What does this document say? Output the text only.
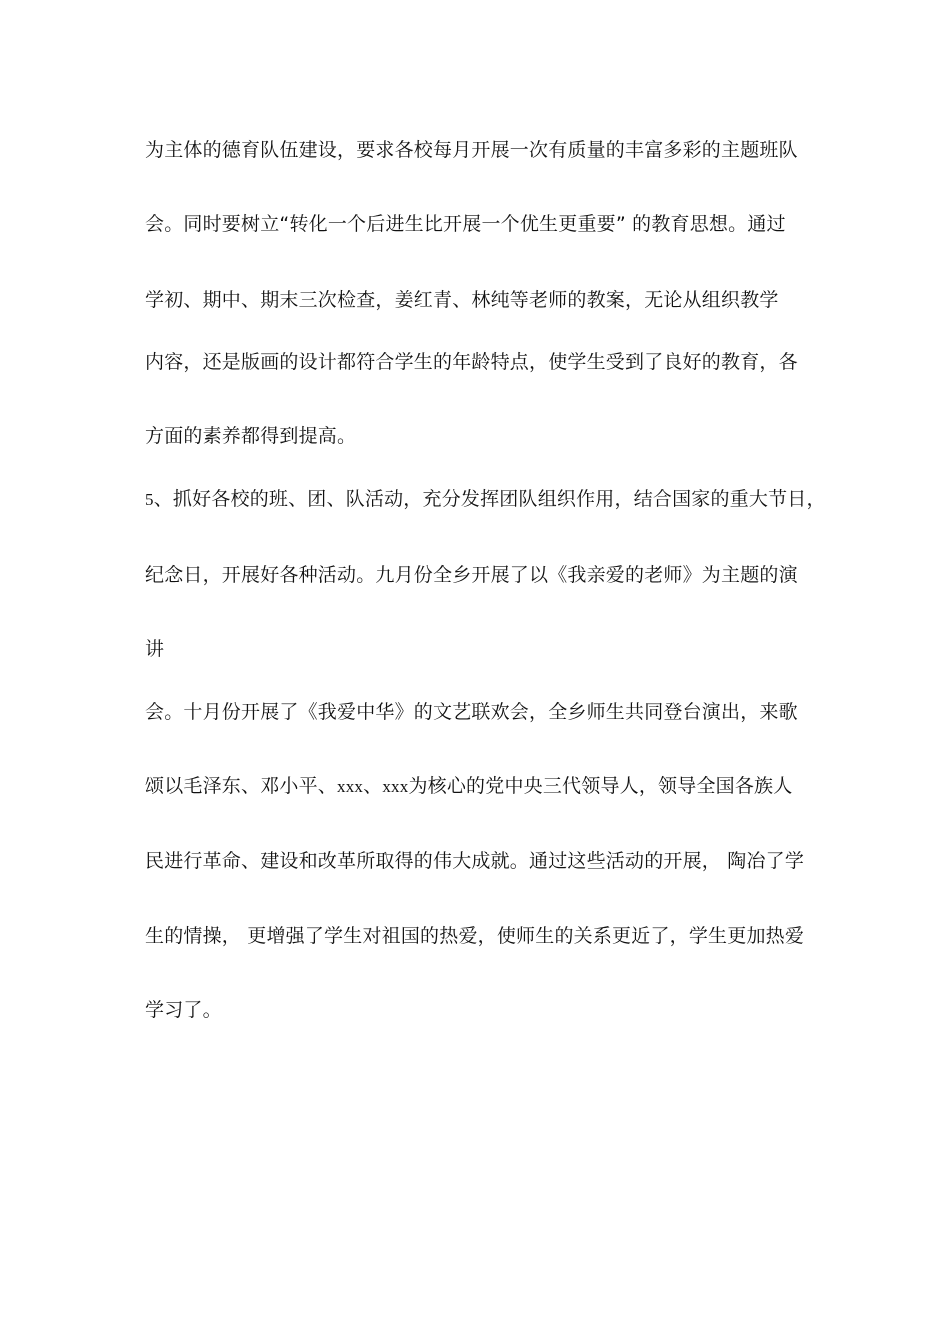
为主体的德育队伍建设，要求各校每月开展一次有质量的丰富多彩的主题班队

会。同时要树立“转化一个后进生比开展一个优生更重要” 的教育思想。通过

学初、期中、期末三次检查，姜红青、林纯等老师的教案，无论从组织教学

内容，还是版画的设计都符合学生的年龄特点，使学生受到了良好的教育，各

方面的素养都得到提高。

5、抓好各校的班、团、队活动，充分发挥团队组织作用，结合国家的重大节日，

纪念日，开展好各种活动。九月份全乡开展了以《我亲爱的老师》为主题的演

讲

会。十月份开展了《我爱中华》的文艺联欢会，全乡师生共同登台演出，来歌

颂以毛泽东、邓小平、xxx、xxx为核心的党中央三代领导人，领导全国各族人

民进行革命、建设和改革所取得的伟大成就。通过这些活动的开展， 陶冶了学

生的情操， 更增强了学生对祖国的热爱，使师生的关系更近了，学生更加热爱

学习了。
